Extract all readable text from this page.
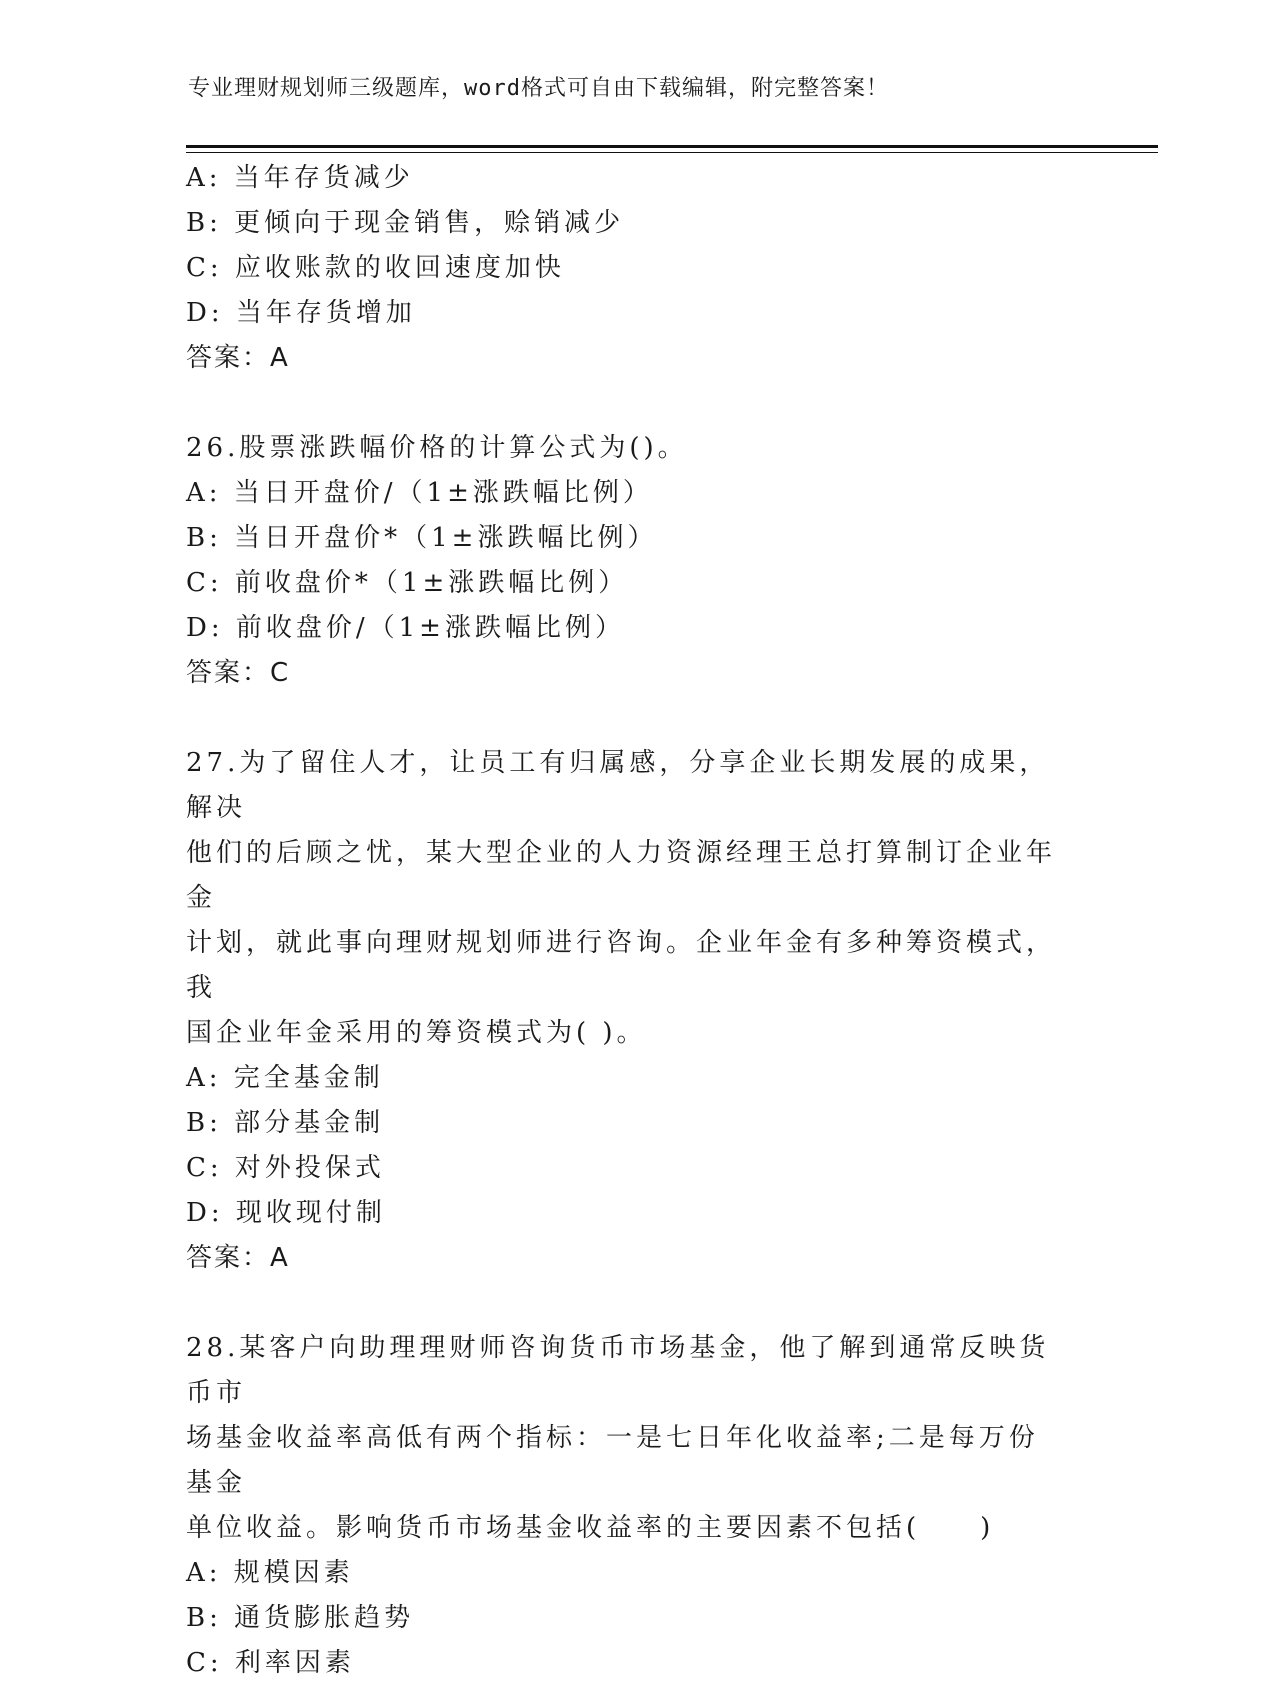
专业理财规划师三级题库，word格式可自由下载编辑，附完整答案！
A: 当年存货减少
B: 更倾向于现金销售，赊销减少
C: 应收账款的收回速度加快
D: 当年存货增加
答案：A
26.股票涨跌幅价格的计算公式为()。
A: 当日开盘价/（1±涨跌幅比例）
B: 当日开盘价*（1±涨跌幅比例）
C: 前收盘价*（1±涨跌幅比例）
D: 前收盘价/（1±涨跌幅比例）
答案：C
27.为了留住人才，让员工有归属感，分享企业长期发展的成果，解决
他们的后顾之忧，某大型企业的人力资源经理王总打算制订企业年金
计划，就此事向理财规划师进行咨询。企业年金有多种筹资模式，我
国企业年金采用的筹资模式为( )。
A: 完全基金制
B: 部分基金制
C: 对外投保式
D: 现收现付制
答案：A
28.某客户向助理理财师咨询货币市场基金，他了解到通常反映货币市
场基金收益率高低有两个指标：一是七日年化收益率;二是每万份基金
单位收益。影响货币市场基金收益率的主要因素不包括(　　)
A: 规模因素
B: 通货膨胀趋势
C: 利率因素
